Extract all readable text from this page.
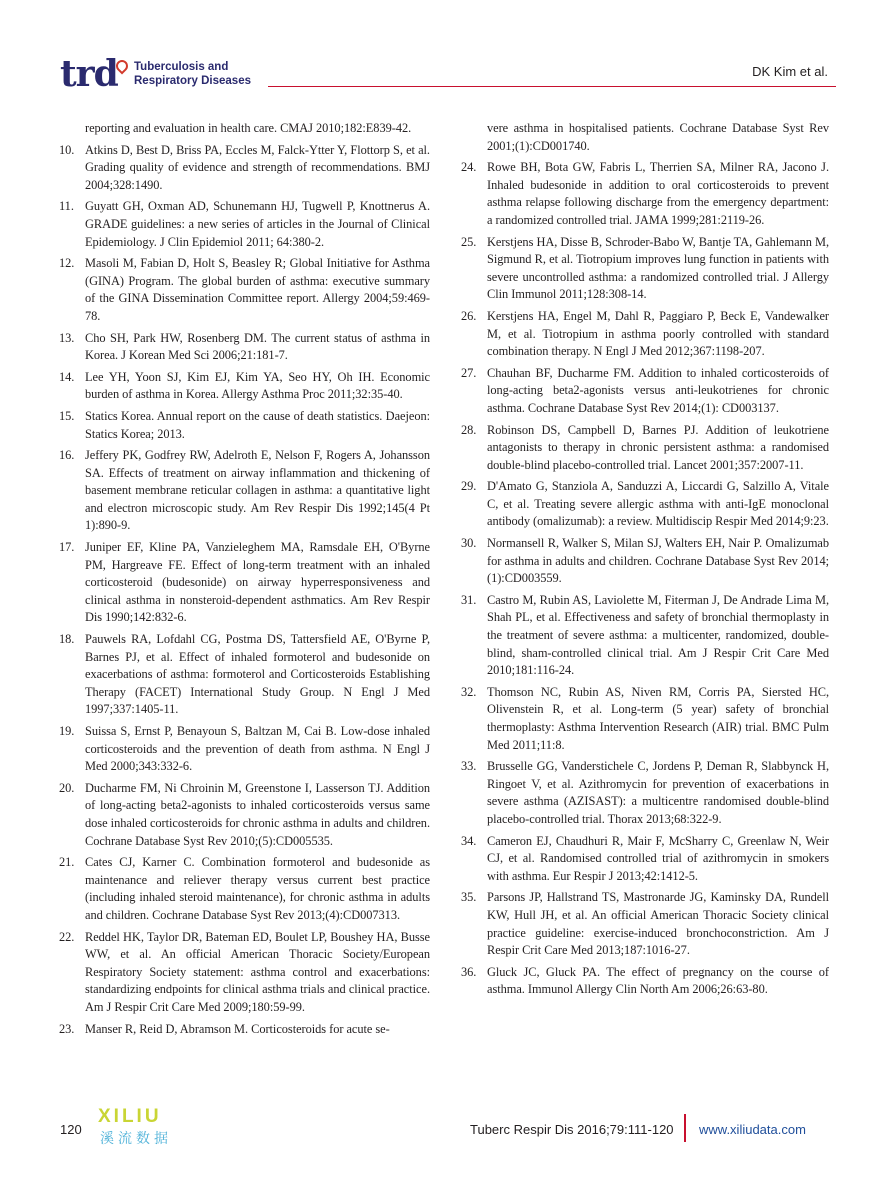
trd Tuberculosis and
Respiratory Diseases
DK Kim et al.
reporting and evaluation in health care. CMAJ 2010;182:E839-42.
10. Atkins D, Best D, Briss PA, Eccles M, Falck-Ytter Y, Flottorp S, et al. Grading quality of evidence and strength of recommendations. BMJ 2004;328:1490.
11. Guyatt GH, Oxman AD, Schunemann HJ, Tugwell P, Knottnerus A. GRADE guidelines: a new series of articles in the Journal of Clinical Epidemiology. J Clin Epidemiol 2011; 64:380-2.
12. Masoli M, Fabian D, Holt S, Beasley R; Global Initiative for Asthma (GINA) Program. The global burden of asthma: executive summary of the GINA Dissemination Committee report. Allergy 2004;59:469-78.
13. Cho SH, Park HW, Rosenberg DM. The current status of asthma in Korea. J Korean Med Sci 2006;21:181-7.
14. Lee YH, Yoon SJ, Kim EJ, Kim YA, Seo HY, Oh IH. Economic burden of asthma in Korea. Allergy Asthma Proc 2011;32:35-40.
15. Statics Korea. Annual report on the cause of death statistics. Daejeon: Statics Korea; 2013.
16. Jeffery PK, Godfrey RW, Adelroth E, Nelson F, Rogers A, Johansson SA. Effects of treatment on airway inflammation and thickening of basement membrane reticular collagen in asthma: a quantitative light and electron microscopic study. Am Rev Respir Dis 1992;145(4 Pt 1):890-9.
17. Juniper EF, Kline PA, Vanzieleghem MA, Ramsdale EH, O'Byrne PM, Hargreave FE. Effect of long-term treatment with an inhaled corticosteroid (budesonide) on airway hyperresponsiveness and clinical asthma in nonsteroid-dependent asthmatics. Am Rev Respir Dis 1990;142:832-6.
18. Pauwels RA, Lofdahl CG, Postma DS, Tattersfield AE, O'Byrne P, Barnes PJ, et al. Effect of inhaled formoterol and budesonide on exacerbations of asthma: formoterol and Corticosteroids Establishing Therapy (FACET) International Study Group. N Engl J Med 1997;337:1405-11.
19. Suissa S, Ernst P, Benayoun S, Baltzan M, Cai B. Low-dose inhaled corticosteroids and the prevention of death from asthma. N Engl J Med 2000;343:332-6.
20. Ducharme FM, Ni Chroinin M, Greenstone I, Lasserson TJ. Addition of long-acting beta2-agonists to inhaled corticosteroids versus same dose inhaled corticosteroids for chronic asthma in adults and children. Cochrane Database Syst Rev 2010;(5):CD005535.
21. Cates CJ, Karner C. Combination formoterol and budesonide as maintenance and reliever therapy versus current best practice (including inhaled steroid maintenance), for chronic asthma in adults and children. Cochrane Database Syst Rev 2013;(4):CD007313.
22. Reddel HK, Taylor DR, Bateman ED, Boulet LP, Boushey HA, Busse WW, et al. An official American Thoracic Society/European Respiratory Society statement: asthma control and exacerbations: standardizing endpoints for clinical asthma trials and clinical practice. Am J Respir Crit Care Med 2009;180:59-99.
23. Manser R, Reid D, Abramson M. Corticosteroids for acute se-
vere asthma in hospitalised patients. Cochrane Database Syst Rev 2001;(1):CD001740.
24. Rowe BH, Bota GW, Fabris L, Therrien SA, Milner RA, Jacono J. Inhaled budesonide in addition to oral corticosteroids to prevent asthma relapse following discharge from the emergency department: a randomized controlled trial. JAMA 1999;281:2119-26.
25. Kerstjens HA, Disse B, Schroder-Babo W, Bantje TA, Gahlemann M, Sigmund R, et al. Tiotropium improves lung function in patients with severe uncontrolled asthma: a randomized controlled trial. J Allergy Clin Immunol 2011;128:308-14.
26. Kerstjens HA, Engel M, Dahl R, Paggiaro P, Beck E, Vandewalker M, et al. Tiotropium in asthma poorly controlled with standard combination therapy. N Engl J Med 2012;367:1198-207.
27. Chauhan BF, Ducharme FM. Addition to inhaled corticosteroids of long-acting beta2-agonists versus anti-leukotrienes for chronic asthma. Cochrane Database Syst Rev 2014;(1): CD003137.
28. Robinson DS, Campbell D, Barnes PJ. Addition of leukotriene antagonists to therapy in chronic persistent asthma: a randomised double-blind placebo-controlled trial. Lancet 2001;357:2007-11.
29. D'Amato G, Stanziola A, Sanduzzi A, Liccardi G, Salzillo A, Vitale C, et al. Treating severe allergic asthma with anti-IgE monoclonal antibody (omalizumab): a review. Multidiscip Respir Med 2014;9:23.
30. Normansell R, Walker S, Milan SJ, Walters EH, Nair P. Omalizumab for asthma in adults and children. Cochrane Database Syst Rev 2014;(1):CD003559.
31. Castro M, Rubin AS, Laviolette M, Fiterman J, De Andrade Lima M, Shah PL, et al. Effectiveness and safety of bronchial thermoplasty in the treatment of severe asthma: a multicenter, randomized, double-blind, sham-controlled clinical trial. Am J Respir Crit Care Med 2010;181:116-24.
32. Thomson NC, Rubin AS, Niven RM, Corris PA, Siersted HC, Olivenstein R, et al. Long-term (5 year) safety of bronchial thermoplasty: Asthma Intervention Research (AIR) trial. BMC Pulm Med 2011;11:8.
33. Brusselle GG, Vanderstichele C, Jordens P, Deman R, Slabbynck H, Ringoet V, et al. Azithromycin for prevention of exacerbations in severe asthma (AZISAST): a multicentre randomised double-blind placebo-controlled trial. Thorax 2013;68:322-9.
34. Cameron EJ, Chaudhuri R, Mair F, McSharry C, Greenlaw N, Weir CJ, et al. Randomised controlled trial of azithromycin in smokers with asthma. Eur Respir J 2013;42:1412-5.
35. Parsons JP, Hallstrand TS, Mastronarde JG, Kaminsky DA, Rundell KW, Hull JH, et al. An official American Thoracic Society clinical practice guideline: exercise-induced bronchoconstriction. Am J Respir Crit Care Med 2013;187:1016-27.
36. Gluck JC, Gluck PA. The effect of pregnancy on the course of asthma. Immunol Allergy Clin North Am 2006;26:63-80.
120
XILIU
溪流数据
Tuberc Respir Dis 2016;79:111-120 www.xiliudata.com
